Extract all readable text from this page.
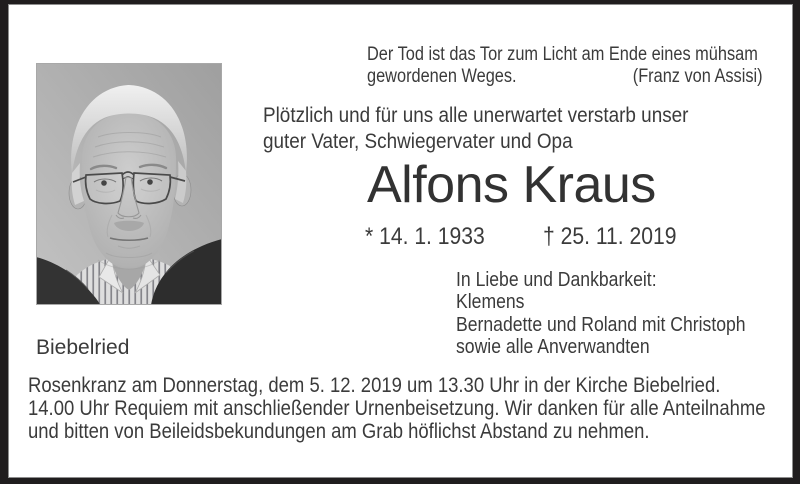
Der Tod ist das Tor zum Licht am Ende eines mühsam
gewordenen Weges.	(Franz von Assisi)
Plötzlich und für uns alle unerwartet verstarb unser
guter Vater, Schwiegervater und Opa
Alfons Kraus
* 14. 1. 1933 † 25. 11. 2019
In Liebe und Dankbarkeit:
Klemens
Bernadette und Roland mit Christoph
sowie alle Anverwandten
Biebelried
Rosenkranz am Donnerstag, dem 5. 12. 2019 um 13.30 Uhr in der Kirche Biebelried.
14.00 Uhr Requiem mit anschließender Urnenbeisetzung. Wir danken für alle Anteilnahme
und bitten von Beileidsbekundungen am Grab höflichst Abstand zu nehmen.
